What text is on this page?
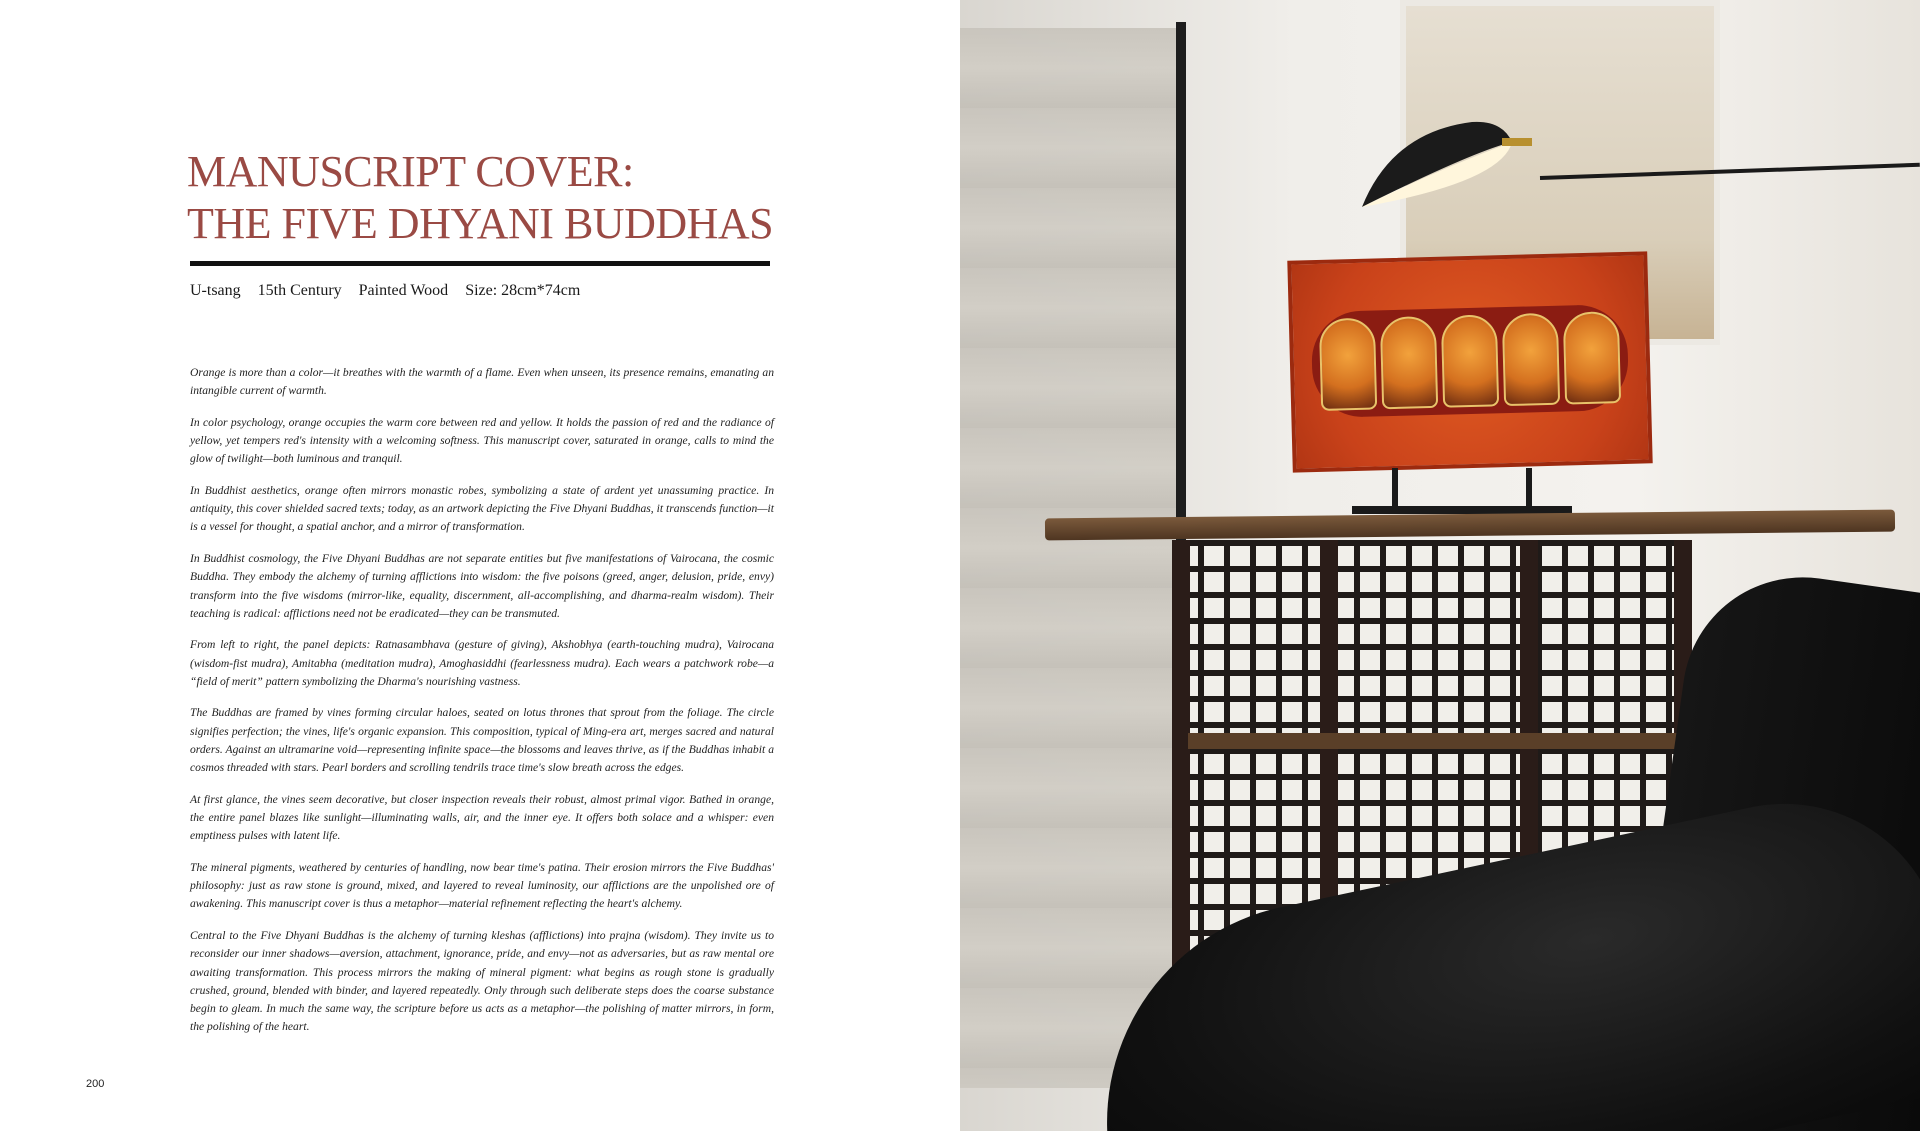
MANUSCRIPT COVER:
THE FIVE DHYANI BUDDHAS
U-tsang 15th Century Painted Wood Size: 28cm*74cm

Orange is more than a color—it breathes with the warmth of a flame. Even when unseen, its presence remains, emanating an intangible current of warmth.

In color psychology, orange occupies the warm core between red and yellow. It holds the passion of red and the radiance of yellow, yet tempers red's intensity with a welcoming softness. This manuscript cover, saturated in orange, calls to mind the glow of twilight—both luminous and tranquil.

In Buddhist aesthetics, orange often mirrors monastic robes, symbolizing a state of ardent yet unassuming practice. In antiquity, this cover shielded sacred texts; today, as an artwork depicting the Five Dhyani Buddhas, it transcends function—it is a vessel for thought, a spatial anchor, and a mirror of transformation.

In Buddhist cosmology, the Five Dhyani Buddhas are not separate entities but five manifestations of Vairocana, the cosmic Buddha. They embody the alchemy of turning afflictions into wisdom: the five poisons (greed, anger, delusion, pride, envy) transform into the five wisdoms (mirror-like, equality, discernment, all-accomplishing, and dharma-realm wisdom). Their teaching is radical: afflictions need not be eradicated—they can be transmuted.

From left to right, the panel depicts: Ratnasambhava (gesture of giving), Akshobhya (earth-touching mudra), Vairocana (wisdom-fist mudra), Amitabha (meditation mudra), Amoghasiddhi (fearlessness mudra). Each wears a patchwork robe—a “field of merit” pattern symbolizing the Dharma's nourishing vastness.

The Buddhas are framed by vines forming circular haloes, seated on lotus thrones that sprout from the foliage. The circle signifies perfection; the vines, life's organic expansion. This composition, typical of Ming-era art, merges sacred and natural orders. Against an ultramarine void—representing infinite space—the blossoms and leaves thrive, as if the Buddhas inhabit a cosmos threaded with stars. Pearl borders and scrolling tendrils trace time's slow breath across the edges.

At first glance, the vines seem decorative, but closer inspection reveals their robust, almost primal vigor. Bathed in orange, the entire panel blazes like sunlight—illuminating walls, air, and the inner eye. It offers both solace and a whisper: even emptiness pulses with latent life.

The mineral pigments, weathered by centuries of handling, now bear time's patina. Their erosion mirrors the Five Buddhas' philosophy: just as raw stone is ground, mixed, and layered to reveal luminosity, our afflictions are the unpolished ore of awakening. This manuscript cover is thus a metaphor—material refinement reflecting the heart's alchemy.

Central to the Five Dhyani Buddhas is the alchemy of turning kleshas (afflictions) into prajna (wisdom). They invite us to reconsider our inner shadows—aversion, attachment, ignorance, pride, and envy—not as adversaries, but as raw mental ore awaiting transformation. This process mirrors the making of mineral pigment: what begins as rough stone is gradually crushed, ground, blended with binder, and layered repeatedly. Only through such deliberate steps does the coarse substance begin to gleam. In much the same way, the scripture before us acts as a metaphor—the polishing of matter mirrors, in form, the polishing of the heart.

200
